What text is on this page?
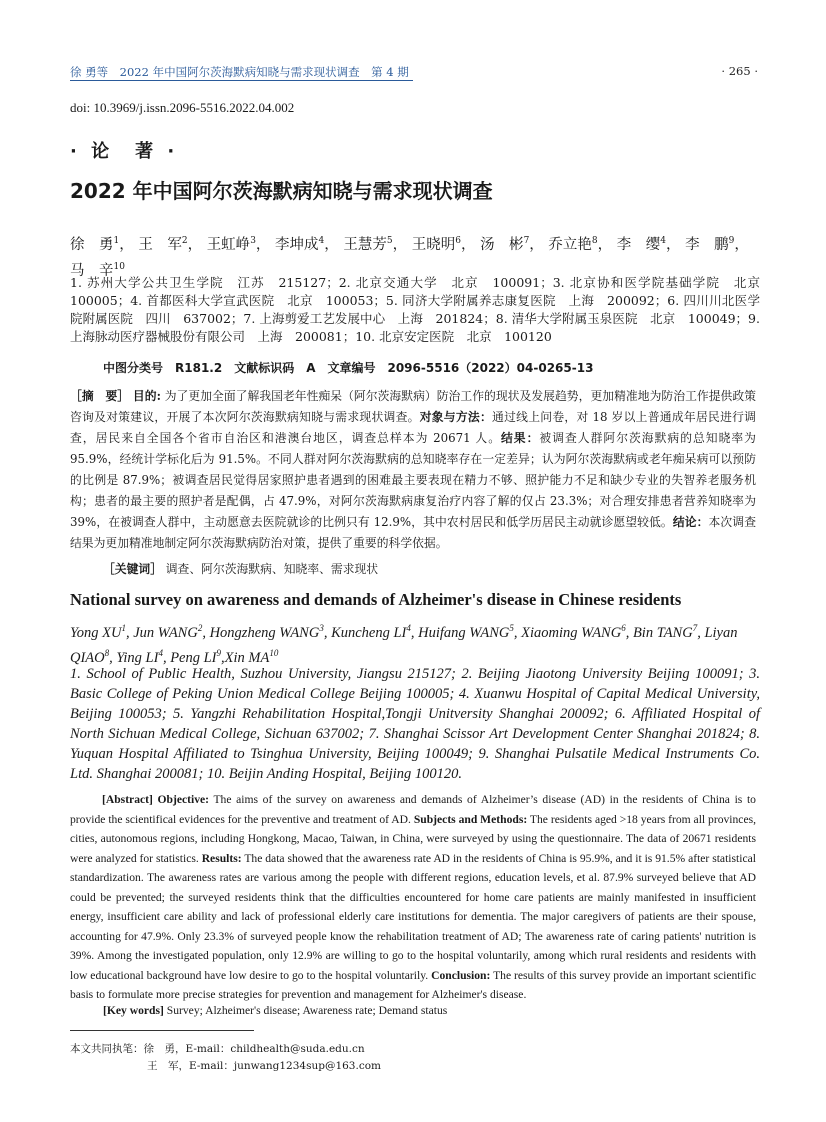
徐 勇等　2022 年中国阿尔茨海默病知晓与需求现状调查　第 4 期	· 265 ·
doi: 10.3969/j.issn.2096-5516.2022.04.002
· 论　著 ·
2022 年中国阿尔茨海默病知晓与需求现状调查
徐　勇$^1$， 王　军$^2$， 王虹峥$^3$， 李坤成$^4$， 王慧芳$^5$， 王晓明$^6$， 汤　彬$^7$， 乔立艳$^8$， 李　缨$^4$， 李　鹏$^9$， 马　辛$^{10}$
1. 苏州大学公共卫生学院　江苏　215127；2. 北京交通大学　北京　100091；3. 北京协和医学院基础学院　北京　100005；4. 首都医科大学宣武医院　北京　100053；5. 同济大学附属养志康复医院　上海　200092；6. 四川川北医学院附属医院　四川　637002；7. 上海剪爱工艺发展中心　上海　201824；8. 清华大学附属玉泉医院　北京　100049；9. 上海脉动医疗器械股份有限公司　上海　200081；10. 北京安定医院　北京　100120
中图分类号　R181.2　文献标识码　A　文章编号　2096-5516（2022）04-0265-13
［摘　要］ 目的: 为了更加全面了解我国老年性痴呆（阿尔茨海默病）防治工作的现状及发展趋势，更加精准地为防治工作提供政策咨询及对策建议，开展了本次阿尔茨海默病知晓与需求现状调查。对象与方法：通过线上问卷，对 18 岁以上普通成年居民进行调查，居民来自全国各个省市自治区和港澳台地区，调查总样本为 20671 人。结果：被调查人群阿尔茨海默病的总知晓率为 95.9%，经统计学标化后为 91.5%。不同人群对阿尔茨海默病的总知晓率存在一定差异；认为阿尔茨海默病或老年痴呆病可以预防的比例是 87.9%；被调查居民觉得居家照护患者遇到的困难最主要表现在精力不够、照护能力不足和缺少专业的失智养老服务机构；患者的最主要的照护者是配偶，占 47.9%，对阿尔茨海默病康复治疗内容了解的仅占 23.3%；对合理安排患者营养知晓率为 39%，在被调查人群中，主动愿意去医院就诊的比例只有 12.9%，其中农村居民和低学历居民主动就诊愿望较低。结论：本次调查结果为更加精准地制定阿尔茨海默病防治对策，提供了重要的科学依据。
［关键词］ 调查、阿尔茨海默病、知晓率、需求现状
National survey on awareness and demands of Alzheimer's disease in Chinese residents
Yong $XU^1$, Jun WANG$^2$, Hongzheng WANG$^3$, Kuncheng $LI^4$, Huifang WANG$^5$, Xiaoming WANG$^6$, Bin TANG$^7$, Liyan QIAO$^8$, Ying $LI^4$, Peng $LI^9,Xin$ MA$^{10}$
1. School of Public Health, Suzhou University, Jiangsu 215127; 2. Beijing Jiaotong University Beijing 100091; 3. Basic College of Peking Union Medical College Beijing 100005; 4. Xuanwu Hospital of Capital Medical University, Beijing 100053; 5. Yangzhi Rehabilitation Hospital,Tongji Unitversity Shanghai 200092; 6. Affiliated Hospital of North Sichuan Medical College, Sichuan 637002; 7. Shanghai Scissor Art Development Center Shanghai 201824; 8. Yuquan Hospital Affiliated to Tsinghua University, Beijing 100049; 9. Shanghai Pulsatile Medical Instruments Co. Ltd. Shanghai 200081; 10. Beijin Anding Hospital, Beijing 100120.
[Abstract] Objective: The aims of the survey on awareness and demands of Alzheimer’s disease (AD) in the residents of China is to provide the scientifical evidences for the preventive and treatment of AD. Subjects and Methods: The residents aged >18 years from all provinces, cities, autonomous regions, including Hongkong, Macao, Taiwan, in China, were surveyed by using the questionnaire. The data of 20671 residents were analyzed for statistics. Results: The data showed that the awareness rate AD in the residents of China is 95.9%, and it is 91.5% after statistical standardization. The awareness rates are various among the people with different regions, education levels, et al. 87.9% surveyed believe that AD could be prevented; the surveyed residents think that the difficulties encountered for home care patients are mainly manifested in insufficient energy, insufficient care ability and lack of professional elderly care institutions for dementia. The major caregivers of patients are their spouse, accounting for 47.9%. Only 23.3% of surveyed people know the rehabilitation treatment of AD; The awareness rate of caring patients' nutrition is 39%. Among the investigated population, only 12.9% are willing to go to the hospital voluntarily, among which rural residents and residents with low educational background have low desire to go to the hospital voluntarily. Conclusion: The results of this survey provide an important scientific basis to formulate more precise strategies for prevention and management for Alzheimer's disease.
[Key words] Survey; Alzheimer's disease; Awareness rate; Demand status
本文共同执笔：徐　勇，E-mail：childhealth@suda.edu.cn
王　军，E-mail：junwang1234sup@163.com
